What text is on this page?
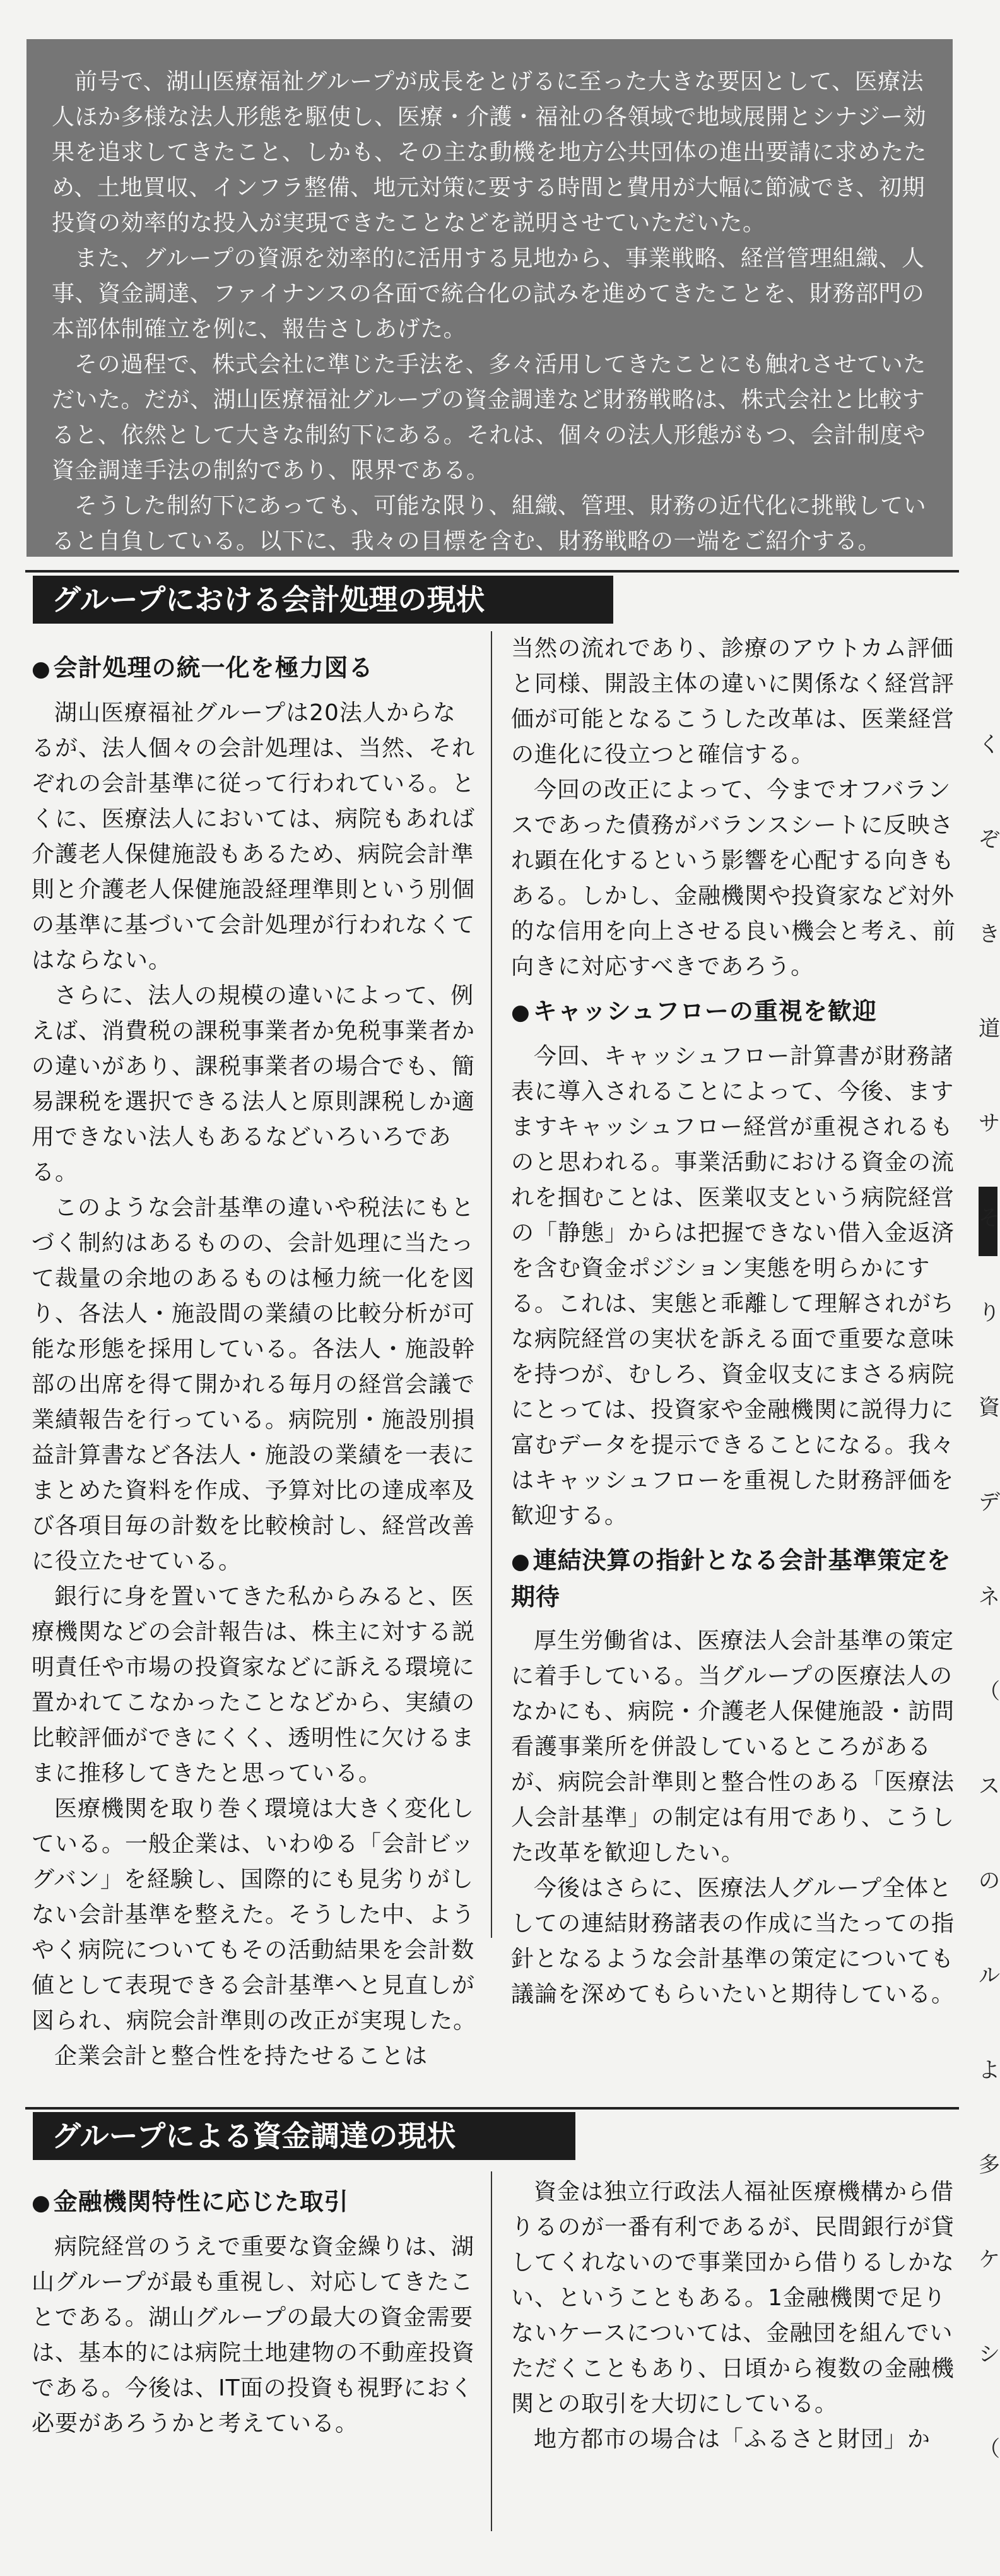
前号で、湖山医療福祉グループが成長をとげるに至った大きな要因として、医療法人ほか多様な法人形態を駆使し、医療・介護・福祉の各領域で地域展開とシナジー効果を追求してきたこと、しかも、その主な動機を地方公共団体の進出要請に求めたため、土地買収、インフラ整備、地元対策に要する時間と費用が大幅に節減でき、初期投資の効率的な投入が実現できたことなどを説明させていただいた。

また、グループの資源を効率的に活用する見地から、事業戦略、経営管理組織、人事、資金調達、ファイナンスの各面で統合化の試みを進めてきたことを、財務部門の本部体制確立を例に、報告さしあげた。

その過程で、株式会社に準じた手法を、多々活用してきたことにも触れさせていただいた。だが、湖山医療福祉グループの資金調達など財務戦略は、株式会社と比較すると、依然として大きな制約下にある。それは、個々の法人形態がもつ、会計制度や資金調達手法の制約であり、限界である。

そうした制約下にあっても、可能な限り、組織、管理、財務の近代化に挑戦していると自負している。以下に、我々の目標を含む、財務戦略の一端をご紹介する。

グループにおける会計処理の現状
● 会計処理の統一化を極力図る

湖山医療福祉グループは20法人からなるが、法人個々の会計処理は、当然、それぞれの会計基準に従って行われている。とくに、医療法人においては、病院もあれば介護老人保健施設もあるため、病院会計準則と介護老人保健施設経理準則という別個の基準に基づいて会計処理が行われなくてはならない。

さらに、法人の規模の違いによって、例えば、消費税の課税事業者か免税事業者かの違いがあり、課税事業者の場合でも、簡易課税を選択できる法人と原則課税しか適用できない法人もあるなどいろいろである。

このような会計基準の違いや税法にもとづく制約はあるものの、会計処理に当たって裁量の余地のあるものは極力統一化を図り、各法人・施設間の業績の比較分析が可能な形態を採用している。各法人・施設幹部の出席を得て開かれる毎月の経営会議で業績報告を行っている。病院別・施設別損益計算書など各法人・施設の業績を一表にまとめた資料を作成、予算対比の達成率及び各項目毎の計数を比較検討し、経営改善に役立たせている。

銀行に身を置いてきた私からみると、医療機関などの会計報告は、株主に対する説明責任や市場の投資家などに訴える環境に置かれてこなかったことなどから、実績の比較評価ができにくく、透明性に欠けるままに推移してきたと思っている。

医療機関を取り巻く環境は大きく変化している。一般企業は、いわゆる「会計ビッグバン」を経験し、国際的にも見劣りがしない会計基準を整えた。そうした中、ようやく病院についてもその活動結果を会計数値として表現できる会計基準へと見直しが図られ、病院会計準則の改正が実現した。

企業会計と整合性を持たせることは

当然の流れであり、診療のアウトカム評価と同様、開設主体の違いに関係なく経営評価が可能となるこうした改革は、医業経営の進化に役立つと確信する。

今回の改正によって、今までオフバランスであった債務がバランスシートに反映され顕在化するという影響を心配する向きもある。しかし、金融機関や投資家など対外的な信用を向上させる良い機会と考え、前向きに対応すべきであろう。

● キャッシュフローの重視を歓迎

今回、キャッシュフロー計算書が財務諸表に導入されることによって、今後、ますますキャッシュフロー経営が重視されるものと思われる。事業活動における資金の流れを掴むことは、医業収支という病院経営の「静態」からは把握できない借入金返済を含む資金ポジション実態を明らかにする。これは、実態と乖離して理解されがちな病院経営の実状を訴える面で重要な意味を持つが、むしろ、資金収支にまさる病院にとっては、投資家や金融機関に説得力に富むデータを提示できることになる。我々はキャッシュフローを重視した財務評価を歓迎する。

● 連結決算の指針となる会計基準策定を期待

厚生労働省は、医療法人会計基準の策定に着手している。当グループの医療法人のなかにも、病院・介護老人保健施設・訪問看護事業所を併設しているところがあるが、病院会計準則と整合性のある「医療法人会計基準」の制定は有用であり、こうした改革を歓迎したい。

今後はさらに、医療法人グループ全体としての連結財務諸表の作成に当たっての指針となるような会計基準の策定についても議論を深めてもらいたいと期待している。

グループによる資金調達の現状
● 金融機関特性に応じた取引

病院経営のうえで重要な資金繰りは、湖山グループが最も重視し、対応してきたことである。湖山グループの最大の資金需要は、基本的には病院土地建物の不動産投資である。今後は、IT面の投資も視野におく必要があろうかと考えている。

資金は独立行政法人福祉医療機構から借りるのが一番有利であるが、民間銀行が貸してくれないので事業団から借りるしかない、ということもある。1金融機関で足りないケースについては、金融団を組んでいただくこともあり、日頃から複数の金融機関との取引を大切にしている。

地方都市の場合は「ふるさと財団」か

く
ぞ
き
道
サ
そ
り
資
デ
ネ
（
ス
の
ル
よ
多
ケ
シ
（
